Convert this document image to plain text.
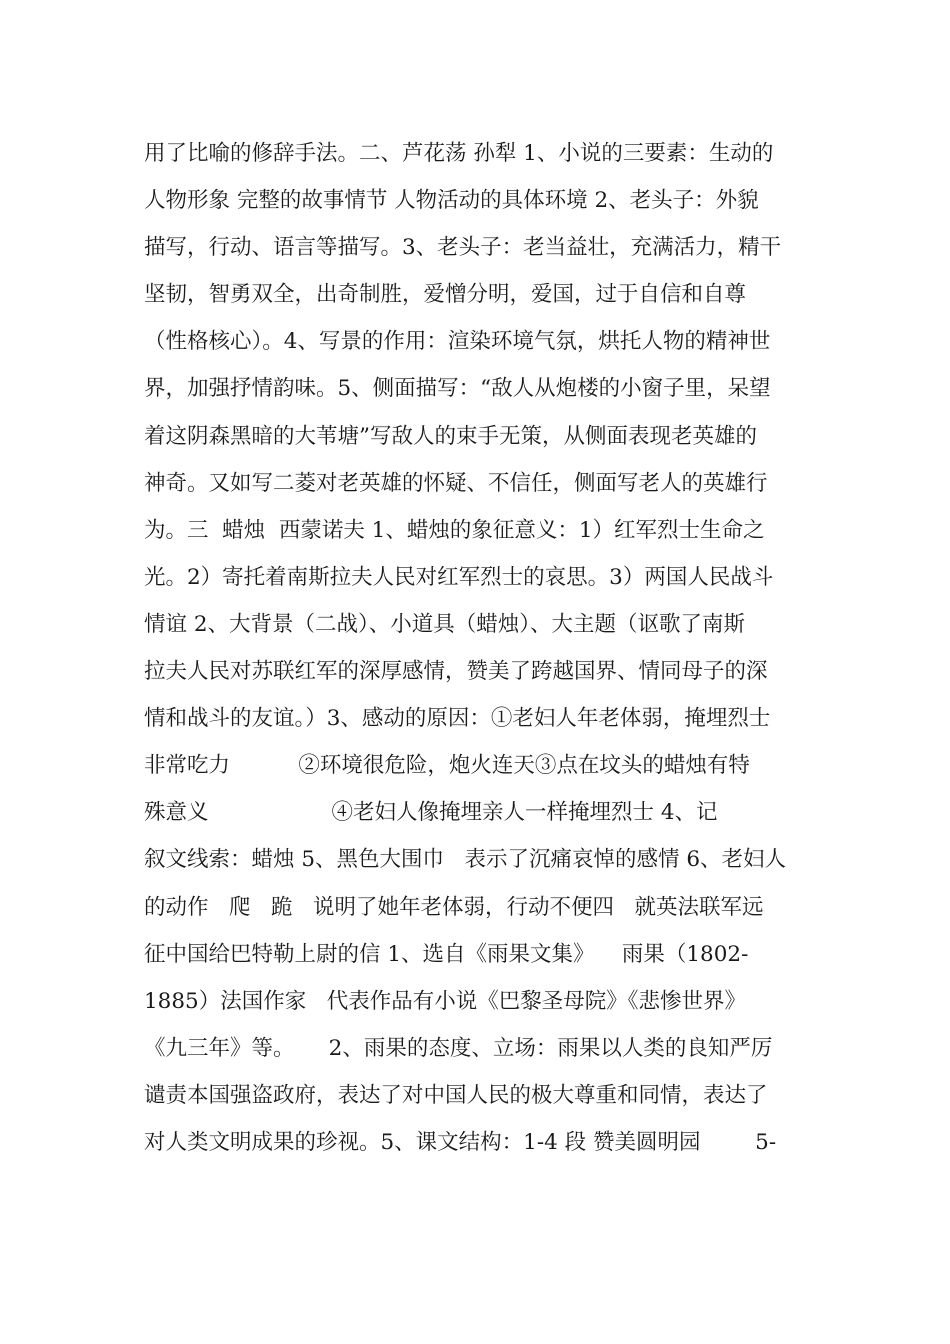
用了比喻的修辞手法。二、芦花荡 孙犁 1、小说的三要素：生动的
人物形象 完整的故事情节 人物活动的具体环境 2、老头子：外貌
描写，行动、语言等描写。3、老头子：老当益壮，充满活力，精干
坚韧，智勇双全，出奇制胜，爱憎分明，爱国，过于自信和自尊
（性格核心）。4、写景的作用：渲染环境气氛，烘托人物的精神世
界，加强抒情韵味。5、侧面描写：“敌人从炮楼的小窗子里，呆望
着这阴森黑暗的大苇塘”写敌人的束手无策，从侧面表现老英雄的
神奇。又如写二菱对老英雄的怀疑、不信任，侧面写老人的英雄行
为。三  蜡烛  西蒙诺夫 1、蜡烛的象征意义：1）红军烈士生命之
光。2）寄托着南斯拉夫人民对红军烈士的哀思。3）两国人民战斗
情谊 2、大背景（二战）、小道具（蜡烛）、大主题（讴歌了南斯
拉夫人民对苏联红军的深厚感情，赞美了跨越国界、情同母子的深
情和战斗的友谊。）3、感动的原因：①老妇人年老体弱，掩埋烈士
非常吃力          ②环境很危险，炮火连天③点在坟头的蜡烛有特
殊意义                  ④老妇人像掩埋亲人一样掩埋烈士 4、记
叙文线索：蜡烛 5、黑色大围巾   表示了沉痛哀悼的感情 6、老妇人
的动作   爬   跪   说明了她年老体弱，行动不便四   就英法联军远
征中国给巴特勒上尉的信 1、选自《雨果文集》    雨果（1802-
1885）法国作家   代表作品有小说《巴黎圣母院》《悲惨世界》
《九三年》等。     2、雨果的态度、立场：雨果以人类的良知严厉
谴责本国强盗政府，表达了对中国人民的极大尊重和同情，表达了
对人类文明成果的珍视。5、课文结构：1-4 段 赞美圆明园        5-
